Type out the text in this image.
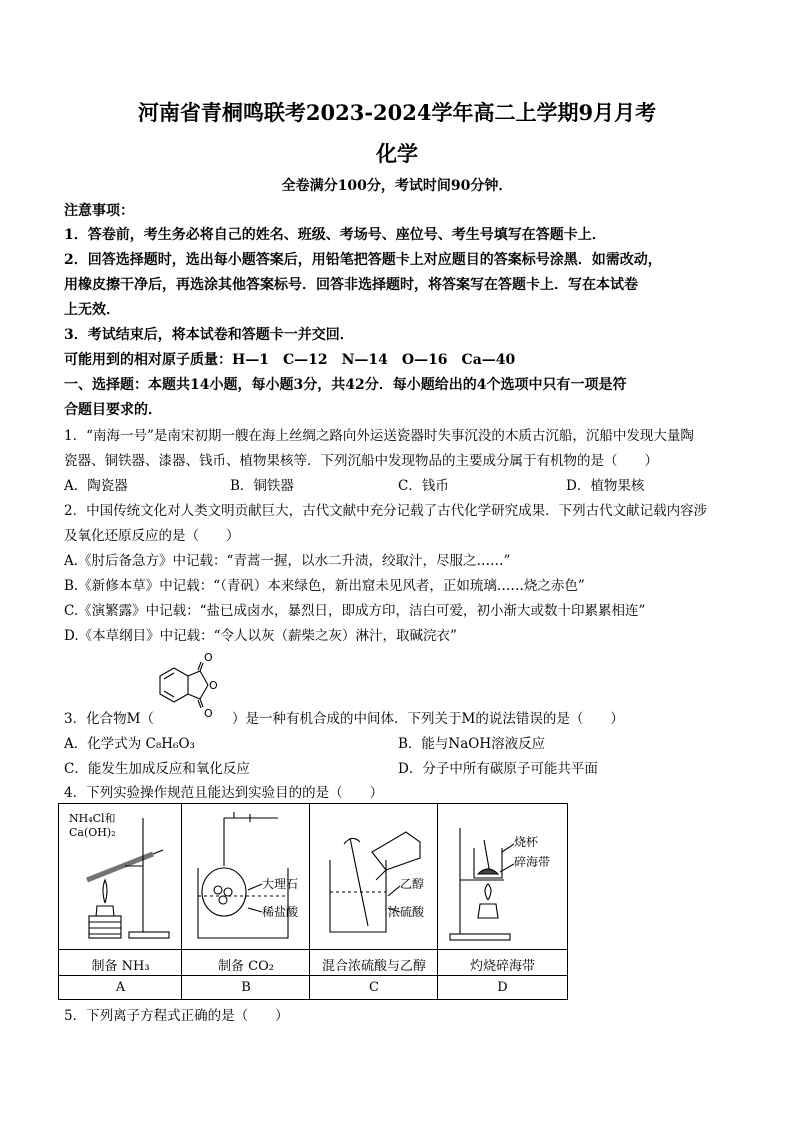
河南省青桐鸣联考2023-2024学年高二上学期9月月考
化学
全卷满分100分，考试时间90分钟．
注意事项：
1．答卷前，考生务必将自己的姓名、班级、考场号、座位号、考生号填写在答题卡上．
2．回答选择题时，选出每小题答案后，用铅笔把答题卡上对应题目的答案标号涂黑．如需改动，
用橡皮擦干净后，再选涂其他答案标号．回答非选择题时，将答案写在答题卡上．写在本试卷
上无效．
3．考试结束后，将本试卷和答题卡一并交回．
可能用到的相对原子质量：H—1　C—12　N—14　O—16　Ca—40
一、选择题：本题共14小题，每小题3分，共42分．每小题给出的4个选项中只有一项是符
合题目要求的．
1．“南海一号”是南宋初期一艘在海上丝绸之路向外运送瓷器时失事沉没的木质古沉船，沉船中发现大量陶
瓷器、铜铁器、漆器、钱币、植物果核等．下列沉船中发现物品的主要成分属于有机物的是（　　）
A．陶瓷器	B．铜铁器	C．钱币	D．植物果核
2．中国传统文化对人类文明贡献巨大，古代文献中充分记载了古代化学研究成果．下列古代文献记载内容涉
及氧化还原反应的是（　　）
A.《肘后备急方》中记载：“青蒿一握，以水二升渍，绞取汁，尽服之……”
B.《新修本草》中记载：“（青矾）本来绿色，新出窟未见风者，正如琉璃……烧之赤色”
C.《演繁露》中记载：“盐已成卤水，暴烈日，即成方印，洁白可爱，初小渐大或数十印累累相连”
D.《本草纲目》中记载：“令人以灰（薪柴之灰）淋汁，取碱浣衣”
3．化合物M（
O
O
O ）是一种有机合成的中间体．下列关于M的说法错误的是（　　）
A．化学式为 C₈H₆O₃	B．能与NaOH溶液反应
C．能发生加成反应和氧化反应	D．分子中所有碳原子可能共平面
4．下列实验操作规范且能达到实验目的的是（　　）
NH₄Cl和
Ca(OH)₂
大理石
稀盐酸
乙醇
浓硫酸
烧杯
碎海带
制备 NH₃	制备 CO₂	混合浓硫酸与乙醇	灼烧碎海带
A	B	C	D
5．下列离子方程式正确的是（　　）
